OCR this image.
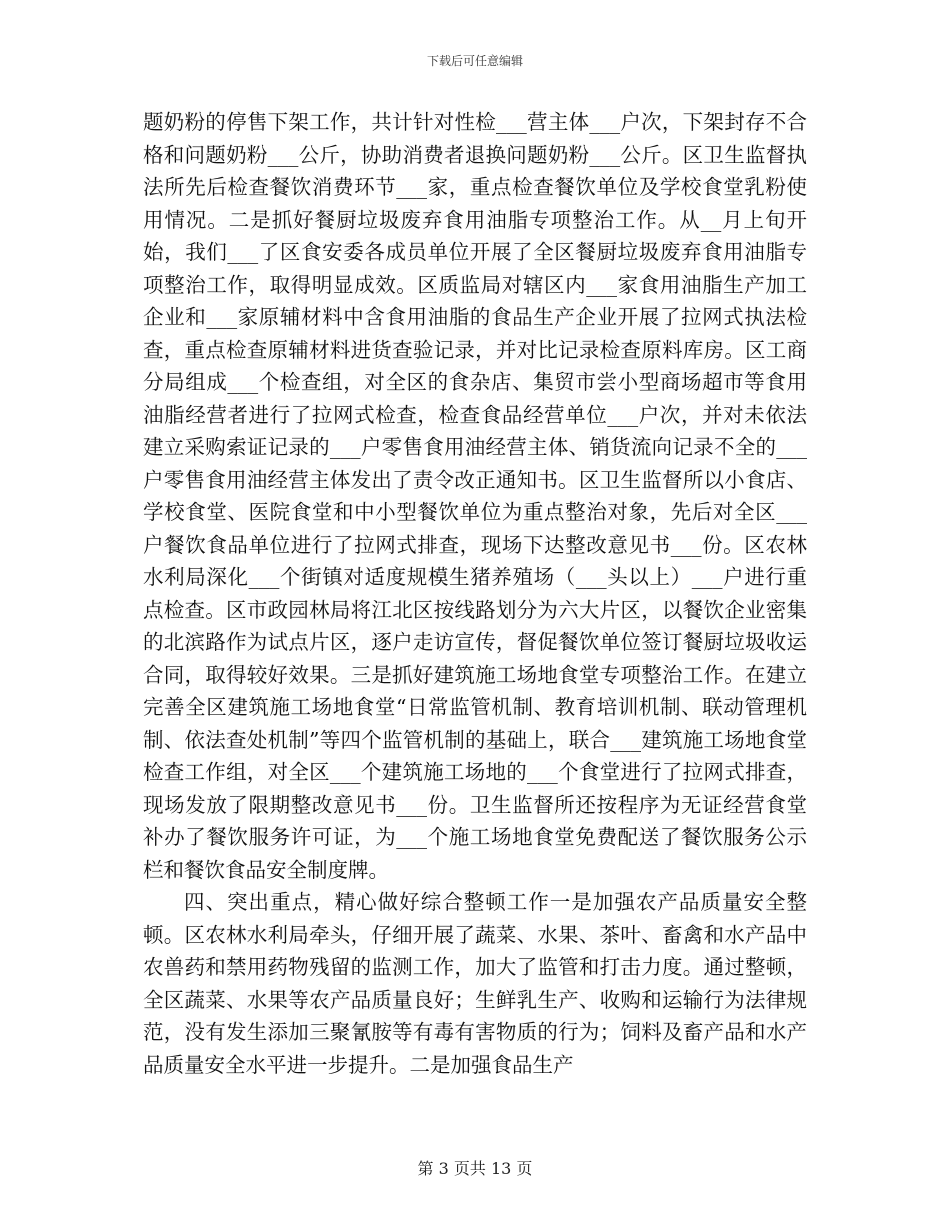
下载后可任意编辑

题奶粉的停售下架工作，共计针对性检___营主体___户次，下架封存不合格和问题奶粉___公斤，协助消费者退换问题奶粉___公斤。区卫生监督执法所先后检查餐饮消费环节___家，重点检查餐饮单位及学校食堂乳粉使用情况。二是抓好餐厨垃圾废弃食用油脂专项整治工作。从__月上旬开始，我们___了区食安委各成员单位开展了全区餐厨垃圾废弃食用油脂专项整治工作，取得明显成效。区质监局对辖区内___家食用油脂生产加工企业和___家原辅材料中含食用油脂的食品生产企业开展了拉网式执法检查，重点检查原辅材料进货查验记录，并对比记录检查原料库房。区工商分局组成___个检查组，对全区的食杂店、集贸市尝小型商场超市等食用油脂经营者进行了拉网式检查，检查食品经营单位___户次，并对未依法建立采购索证记录的___户零售食用油经营主体、销货流向记录不全的___户零售食用油经营主体发出了责令改正通知书。区卫生监督所以小食店、学校食堂、医院食堂和中小型餐饮单位为重点整治对象，先后对全区___户餐饮食品单位进行了拉网式排查，现场下达整改意见书___份。区农林水利局深化___个街镇对适度规模生猪养殖场（___头以上）___户进行重点检查。区市政园林局将江北区按线路划分为六大片区，以餐饮企业密集的北滨路作为试点片区，逐户走访宣传，督促餐饮单位签订餐厨垃圾收运合同，取得较好效果。三是抓好建筑施工场地食堂专项整治工作。在建立完善全区建筑施工场地食堂“日常监管机制、教育培训机制、联动管理机制、依法查处机制”等四个监管机制的基础上，联合___建筑施工场地食堂检查工作组，对全区___个建筑施工场地的___个食堂进行了拉网式排查，现场发放了限期整改意见书___份。卫生监督所还按程序为无证经营食堂补办了餐饮服务许可证，为___个施工场地食堂免费配送了餐饮服务公示栏和餐饮食品安全制度牌。

四、突出重点，精心做好综合整顿工作一是加强农产品质量安全整顿。区农林水利局牵头，仔细开展了蔬菜、水果、茶叶、畜禽和水产品中农兽药和禁用药物残留的监测工作，加大了监管和打击力度。通过整顿，全区蔬菜、水果等农产品质量良好；生鲜乳生产、收购和运输行为法律规范，没有发生添加三聚氰胺等有毒有害物质的行为；饲料及畜产品和水产品质量安全水平进一步提升。二是加强食品生产

第 3 页共 13 页
